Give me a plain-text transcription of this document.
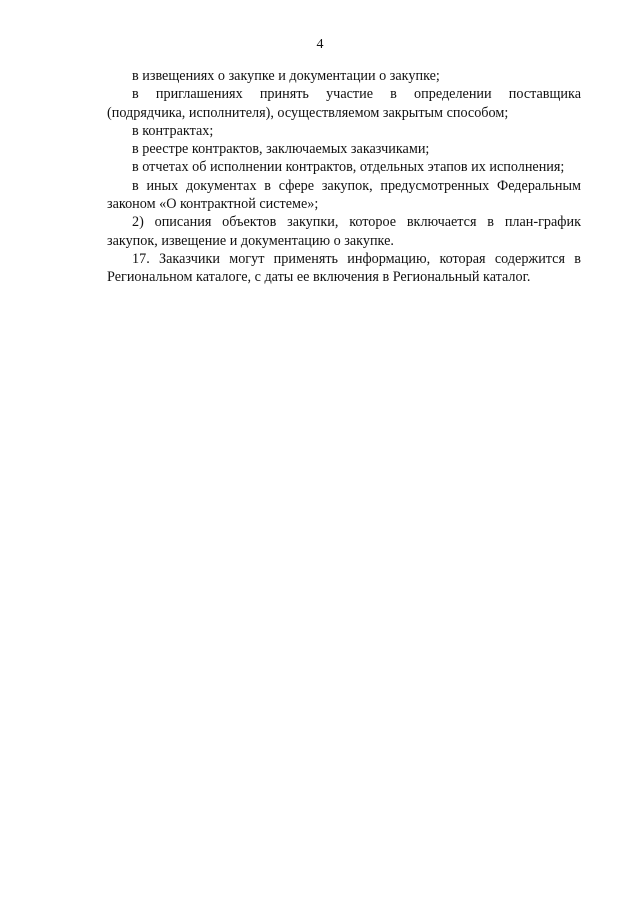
4

в извещениях о закупке и документации о закупке;

в приглашениях принять участие в определении поставщика (подрядчика, исполнителя), осуществляемом закрытым способом;

в контрактах;

в реестре контрактов, заключаемых заказчиками;

в отчетах об исполнении контрактов, отдельных этапов их исполнения;

в иных документах в сфере закупок, предусмотренных Федеральным законом «О контрактной системе»;

2) описания объектов закупки, которое включается в план-график закупок, извещение и документацию о закупке.

17. Заказчики могут применять информацию, которая содержится в Региональном каталоге, с даты ее включения в Региональный каталог.
